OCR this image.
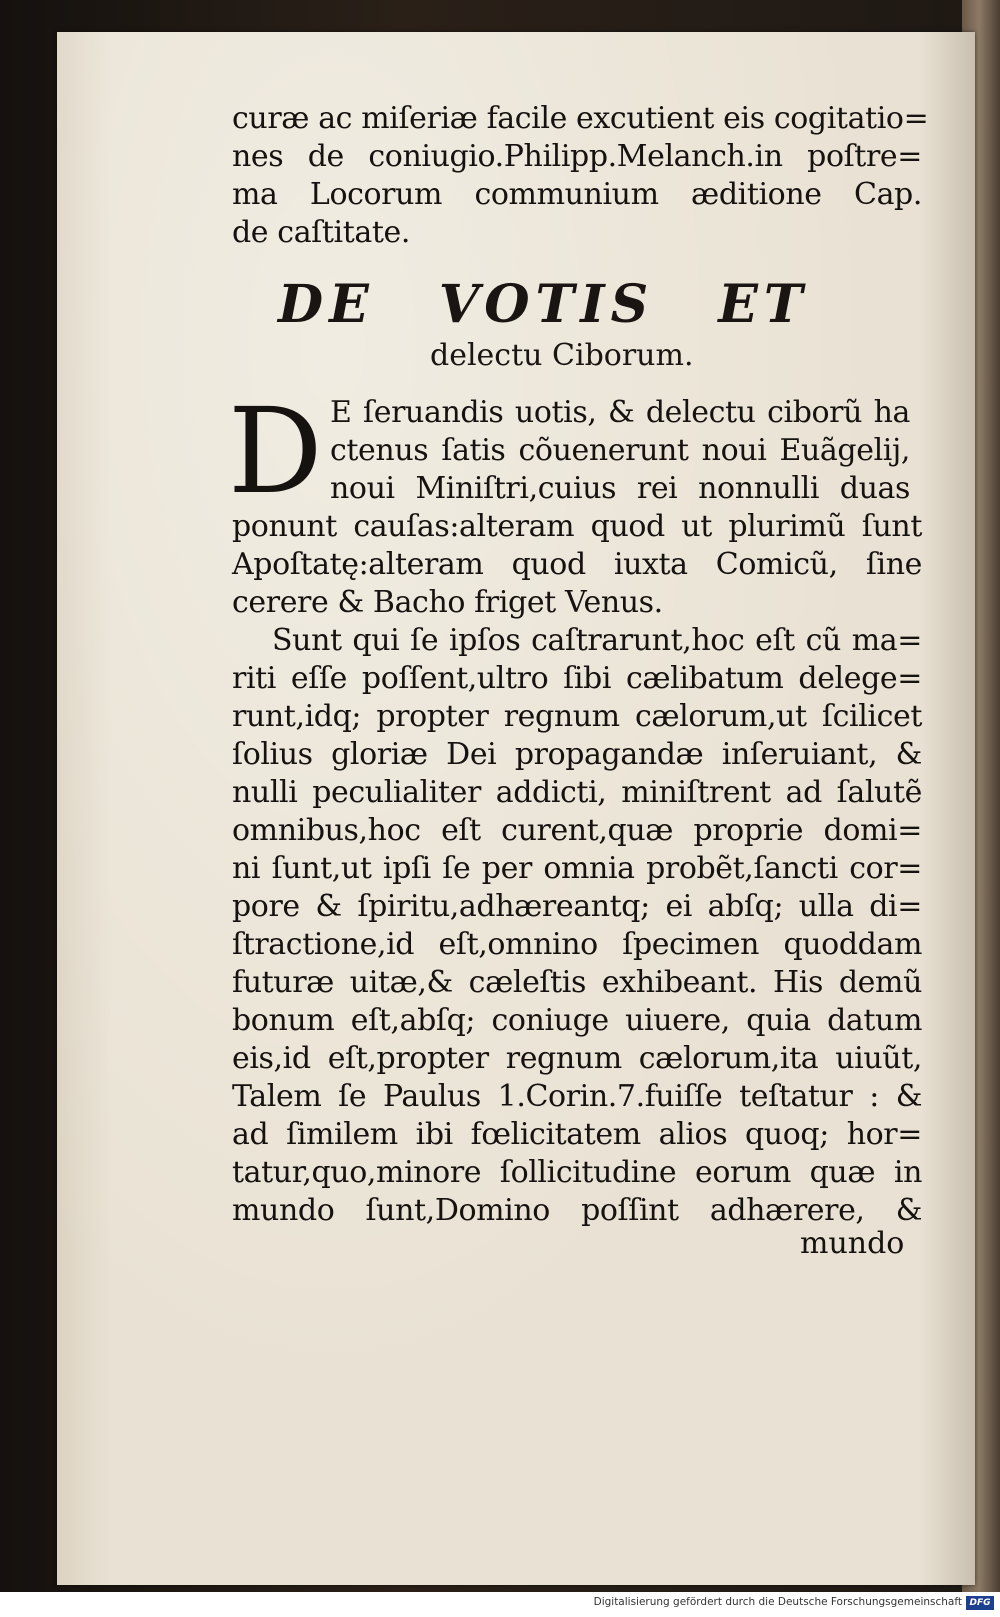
curæ ac miſeriæ facile excutient eis cogitatio=
nes de coniugio.Philipp.Melanch.in poſtre=
ma Locorum communium æditione Cap.
de caſtitate.
DE VOTIS ET
delectu Ciborum.
D E ſeruandis uotis, & delectu ciborũ ha
ctenus ſatis cõuenerunt noui Euãgelij,
noui Miniſtri,cuius rei nonnulli duas
ponunt cauſas:alteram quod ut plurimũ ſunt
Apoſtatę:alteram quod iuxta Comicũ, ſine
cerere & Bacho friget Venus.
Sunt qui ſe ipſos caſtrarunt,hoc eſt cũ ma=
riti eſſe poſſent,ultro ſibi cælibatum delege=
runt,idq; propter regnum cælorum,ut ſcilicet
ſolius gloriæ Dei propagandæ inſeruiant, &
nulli peculialiter addicti, miniſtrent ad ſalutẽ
omnibus,hoc eſt curent,quæ proprie domi=
ni ſunt,ut ipſi ſe per omnia probẽt,ſancti cor=
pore & ſpiritu,adhæreantq; ei abſq; ulla di=
ſtractione,id eſt,omnino ſpecimen quoddam
futuræ uitæ,& cæleſtis exhibeant. His demũ
bonum eſt,abſq; coniuge uiuere, quia datum
eis,id eſt,propter regnum cælorum,ita uiuũt,
Talem ſe Paulus 1.Corin.7.fuiſſe teſtatur : &
ad ſimilem ibi fœlicitatem alios quoq; hor=
tatur,quo,minore ſollicitudine eorum quæ in
mundo ſunt,Domino poſſint adhærere, &
mundo
Digitalisierung gefördert durch die Deutsche Forschungsgemeinschaft DFG
